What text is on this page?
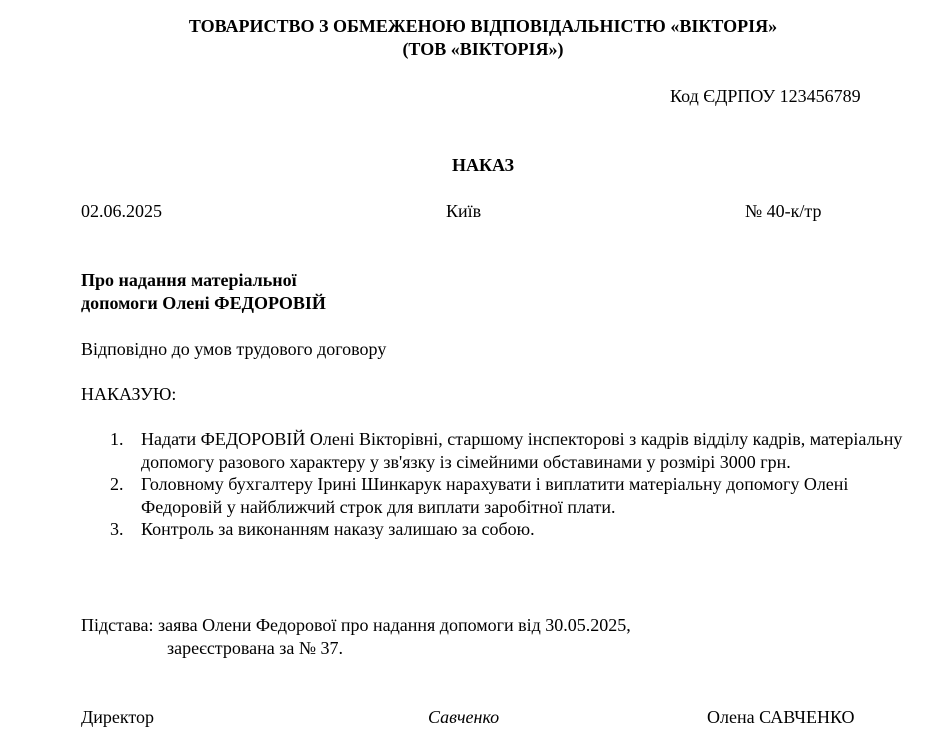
ТОВАРИСТВО З ОБМЕЖЕНОЮ ВІДПОВІДАЛЬНІСТЮ «ВІКТОРІЯ»
(ТОВ «ВІКТОРІЯ»)
Код ЄДРПОУ 123456789
НАКАЗ
02.06.2025	Київ	№ 40-к/тр
Про надання матеріальної
допомоги Олені ФЕДОРОВІЙ
Відповідно до умов трудового договору
НАКАЗУЮ:
1. Надати ФЕДОРОВІЙ Олені Вікторівні, старшому інспекторові з кадрів відділу кадрів, матеріальну допомогу разового характеру у зв'язку із сімейними обставинами у розмірі 3000 грн.
2. Головному бухгалтеру Ірині Шинкарук нарахувати і виплатити матеріальну допомогу Олені Федоровій у найближчий строк для виплати заробітної плати.
3. Контроль за виконанням наказу залишаю за собою.
Підстава: заява Олени Федорової про надання допомоги від 30.05.2025,
зареєстрована за № 37.
Директор	Савченко	Олена САВЧЕНКО
